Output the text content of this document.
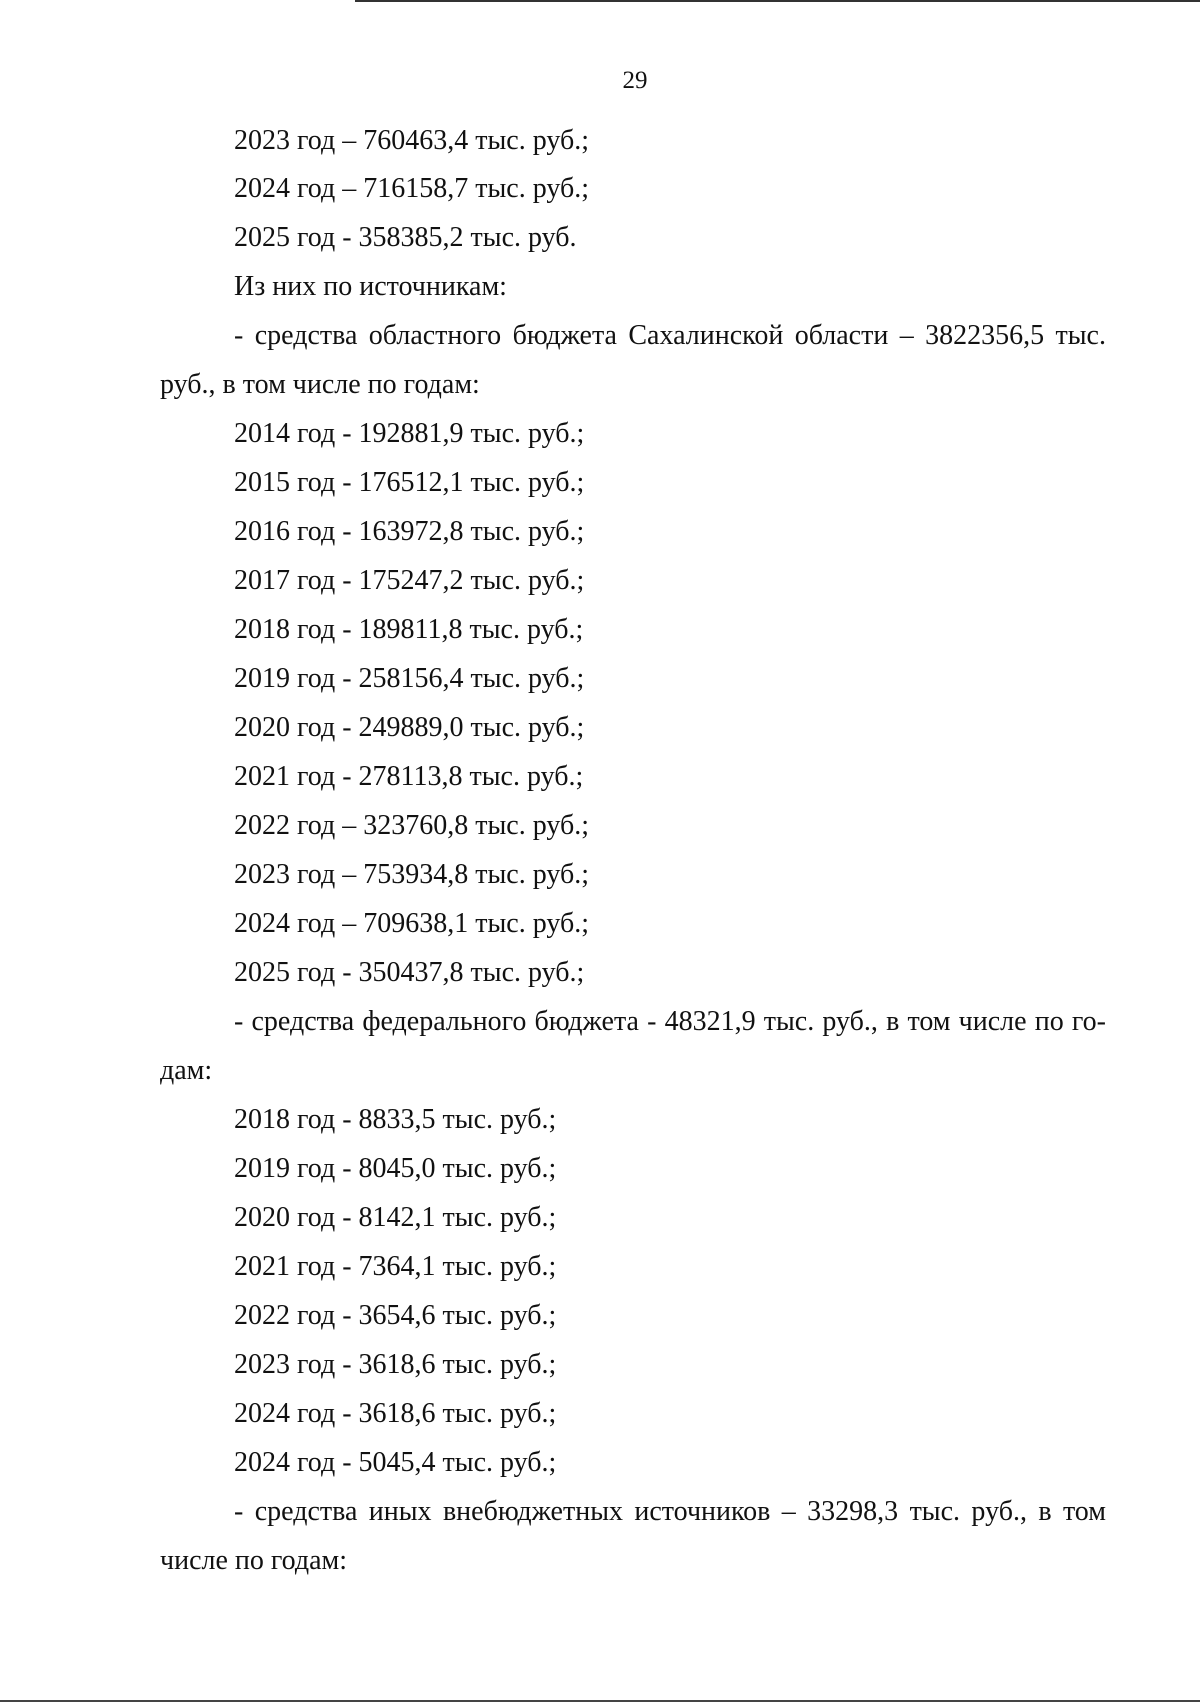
29
2023 год – 760463,4 тыс. руб.;
2024 год – 716158,7 тыс. руб.;
2025 год - 358385,2 тыс. руб.
Из них по источникам:
- средства областного бюджета Сахалинской области – 3822356,5 тыс.
руб., в том числе по годам:
2014 год - 192881,9 тыс. руб.;
2015 год - 176512,1 тыс. руб.;
2016 год - 163972,8 тыс. руб.;
2017 год - 175247,2 тыс. руб.;
2018 год - 189811,8 тыс. руб.;
2019 год - 258156,4 тыс. руб.;
2020 год - 249889,0 тыс. руб.;
2021 год - 278113,8 тыс. руб.;
2022 год – 323760,8 тыс. руб.;
2023 год – 753934,8 тыс. руб.;
2024 год – 709638,1 тыс. руб.;
2025 год - 350437,8 тыс. руб.;
- средства федерального бюджета - 48321,9 тыс. руб., в том числе по го-
дам:
2018 год - 8833,5 тыс. руб.;
2019 год - 8045,0 тыс. руб.;
2020 год - 8142,1 тыс. руб.;
2021 год - 7364,1 тыс. руб.;
2022 год - 3654,6 тыс. руб.;
2023 год - 3618,6 тыс. руб.;
2024 год - 3618,6 тыс. руб.;
2024 год - 5045,4 тыс. руб.;
- средства иных внебюджетных источников – 33298,3 тыс. руб., в том
числе по годам:
